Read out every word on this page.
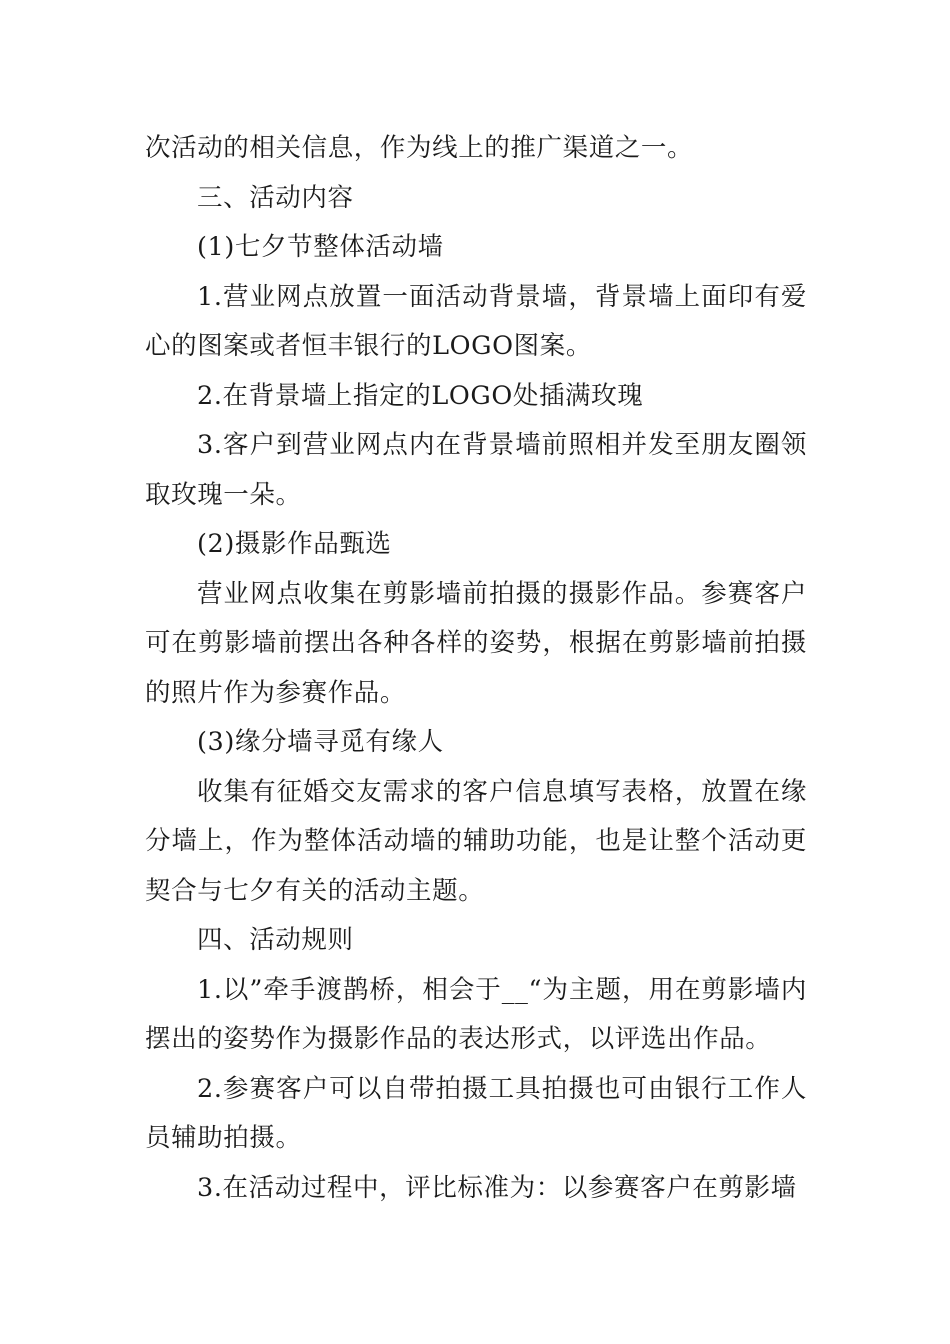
次活动的相关信息，作为线上的推广渠道之一。

三、活动内容

(1)七夕节整体活动墙

1.营业网点放置一面活动背景墙，背景墙上面印有爱心的图案或者恒丰银行的LOGO图案。

2.在背景墙上指定的LOGO处插满玫瑰

3.客户到营业网点内在背景墙前照相并发至朋友圈领取玫瑰一朵。

(2)摄影作品甄选

营业网点收集在剪影墙前拍摄的摄影作品。参赛客户可在剪影墙前摆出各种各样的姿势，根据在剪影墙前拍摄的照片作为参赛作品。

(3)缘分墙寻觅有缘人

收集有征婚交友需求的客户信息填写表格，放置在缘分墙上，作为整体活动墙的辅助功能，也是让整个活动更契合与七夕有关的活动主题。

四、活动规则

1.以”牵手渡鹊桥，相会于__“为主题，用在剪影墙内摆出的姿势作为摄影作品的表达形式，以评选出作品。

2.参赛客户可以自带拍摄工具拍摄也可由银行工作人员辅助拍摄。

3.在活动过程中，评比标准为：以参赛客户在剪影墙
